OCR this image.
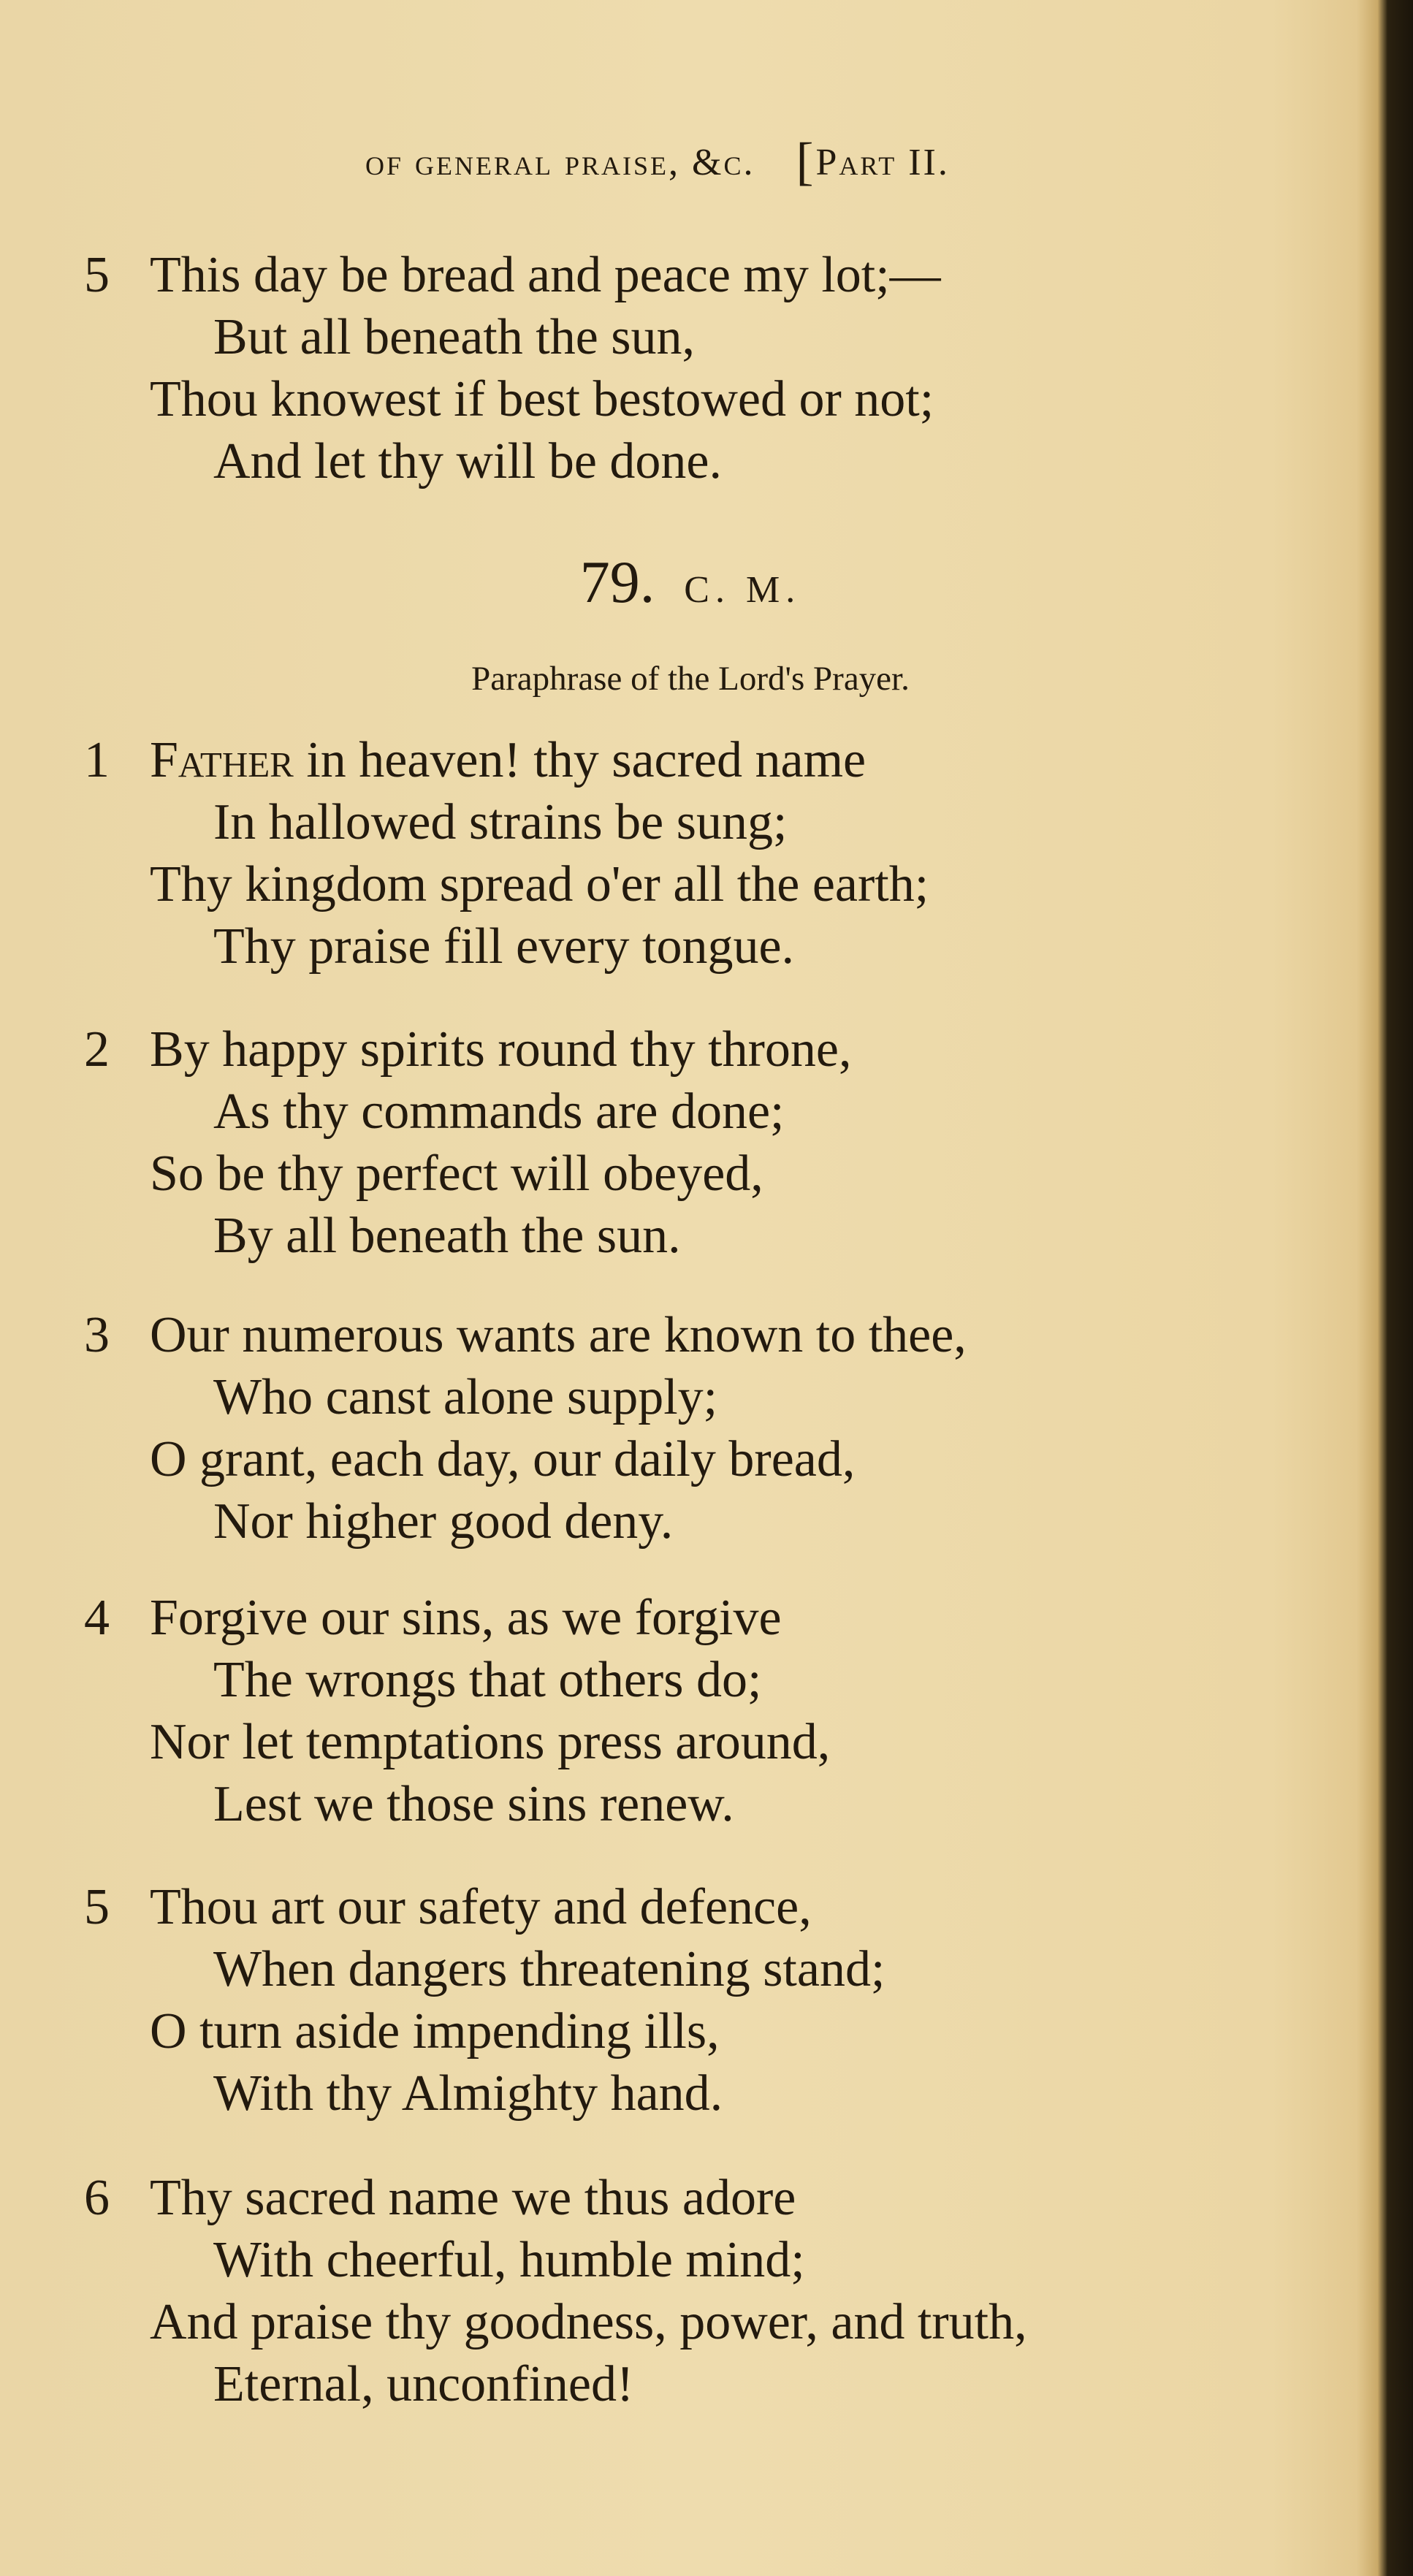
of general praise, &c. [Part II.
5 This day be bread and peace my lot;—
But all beneath the sun,
Thou knowest if best bestowed or not;
And let thy will be done.
79. C. M.
Paraphrase of the Lord's Prayer.
1 Father in heaven! thy sacred name
In hallowed strains be sung;
Thy kingdom spread o'er all the earth;
Thy praise fill every tongue.
2 By happy spirits round thy throne,
As thy commands are done;
So be thy perfect will obeyed,
By all beneath the sun.
3 Our numerous wants are known to thee,
Who canst alone supply;
O grant, each day, our daily bread,
Nor higher good deny.
4 Forgive our sins, as we forgive
The wrongs that others do;
Nor let temptations press around,
Lest we those sins renew.
5 Thou art our safety and defence,
When dangers threatening stand;
O turn aside impending ills,
With thy Almighty hand.
6 Thy sacred name we thus adore
With cheerful, humble mind;
And praise thy goodness, power, and truth,
Eternal, unconfined!
